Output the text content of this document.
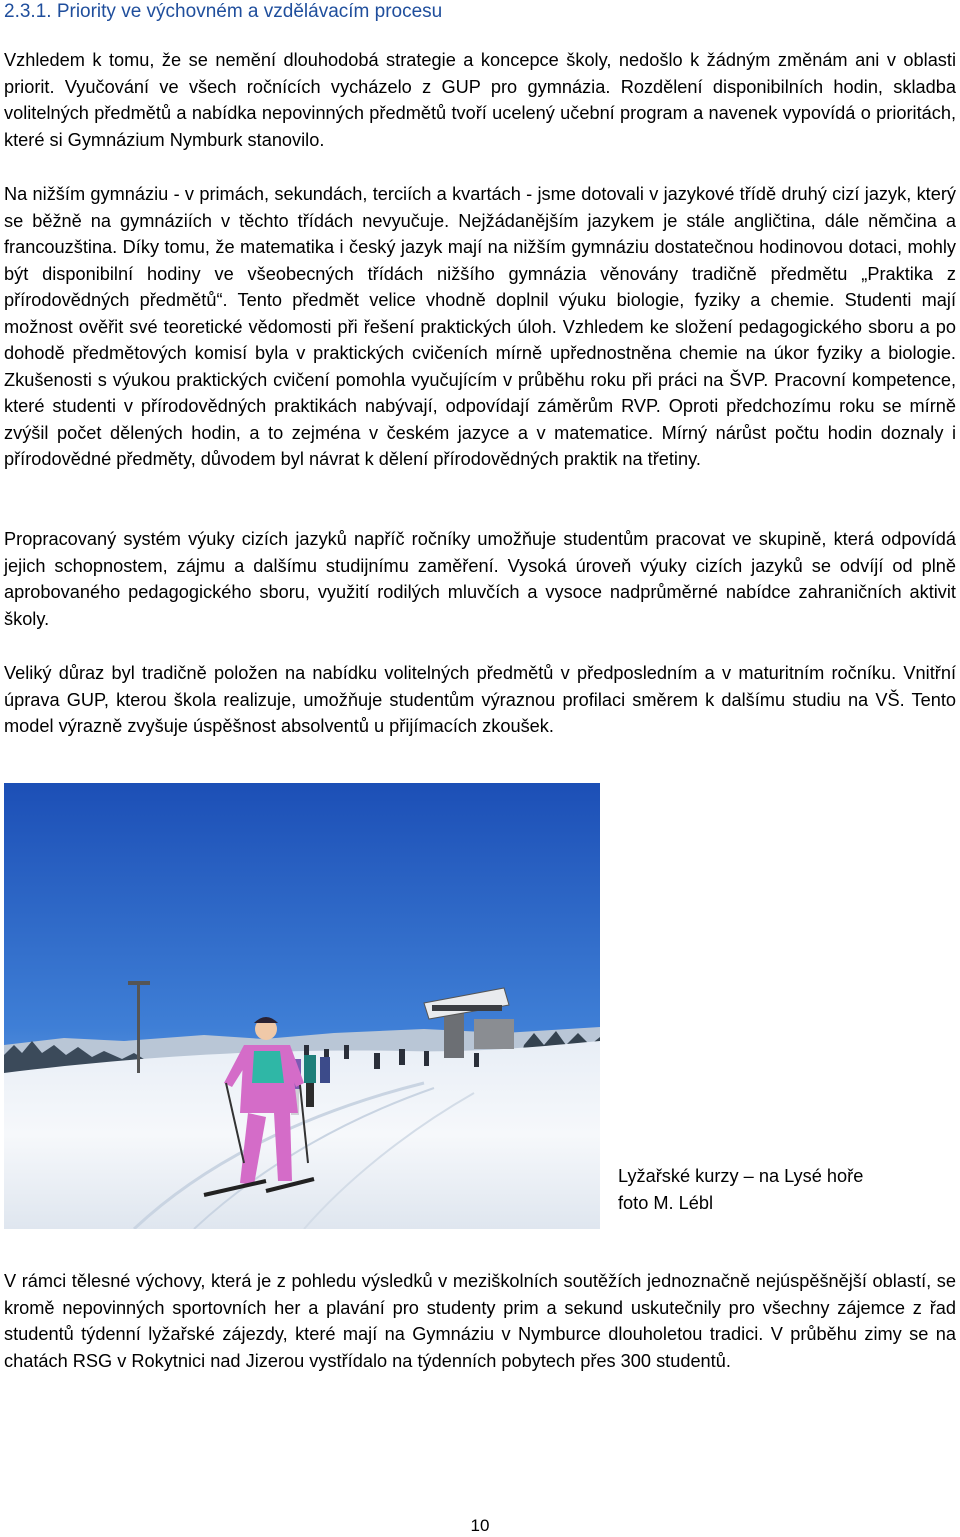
2.3.1. Priority ve výchovném a vzdělávacím procesu

Vzhledem k tomu, že se nemění dlouhodobá strategie a koncepce školy, nedošlo k žádným změnám ani v oblasti priorit. Vyučování ve všech ročnících vycházelo z GUP pro gymnázia. Rozdělení disponibilních hodin, skladba volitelných předmětů a nabídka nepovinných předmětů tvoří ucelený učební program a navenek vypovídá o prioritách, které si Gymnázium Nymburk stanovilo.

Na nižším gymnáziu - v primách, sekundách, terciích a kvartách - jsme dotovali v jazykové třídě druhý cizí jazyk, který se běžně na gymnáziích v těchto třídách nevyučuje. Nejžádanějším jazykem je stále angličtina, dále němčina a francouzština. Díky tomu, že matematika i český jazyk mají na nižším gymnáziu dostatečnou hodinovou dotaci, mohly být disponibilní hodiny ve všeobecných třídách nižšího gymnázia věnovány tradičně předmětu „Praktika z přírodovědných předmětů“. Tento předmět velice vhodně doplnil výuku biologie, fyziky a chemie. Studenti mají možnost ověřit své teoretické vědomosti při řešení praktických úloh. Vzhledem ke složení pedagogického sboru a po dohodě předmětových komisí byla v praktických cvičeních mírně upřednostněna chemie na úkor fyziky a biologie. Zkušenosti s výukou praktických cvičení pomohla vyučujícím v průběhu roku při práci na ŠVP. Pracovní kompetence, které studenti v přírodovědných praktikách nabývají, odpovídají záměrům RVP. Oproti předchozímu roku se mírně zvýšil počet dělených hodin, a to zejména v českém jazyce a v matematice. Mírný nárůst počtu hodin doznaly i přírodovědné předměty, důvodem byl návrat k dělení přírodovědných praktik na třetiny.

Propracovaný systém výuky cizích jazyků napříč ročníky umožňuje studentům pracovat ve skupině, která odpovídá jejich schopnostem, zájmu a dalšímu studijnímu zaměření. Vysoká úroveň výuky cizích jazyků se odvíjí od plně aprobovaného pedagogického sboru, využití rodilých mluvčích a vysoce nadprůměrné nabídce zahraničních aktivit školy.

Veliký důraz byl tradičně položen na nabídku volitelných předmětů v předposledním a v maturitním ročníku. Vnitřní úprava GUP, kterou škola realizuje, umožňuje studentům výraznou profilaci směrem k dalšímu studiu na VŠ. Tento model výrazně zvyšuje úspěšnost absolventů u přijímacích zkoušek.

Lyžařské kurzy – na Lysé hoře
foto M. Lébl

V rámci tělesné výchovy, která je z pohledu výsledků v meziškolních soutěžích jednoznačně nejúspěšnější oblastí, se kromě nepovinných sportovních her a plavání pro studenty prim a sekund uskutečnily pro všechny zájemce z řad studentů týdenní lyžařské zájezdy, které mají na Gymnáziu v Nymburce dlouholetou tradici. V průběhu zimy se na chatách RSG v Rokytnici nad Jizerou vystřídalo na týdenních pobytech přes 300 studentů.

10
